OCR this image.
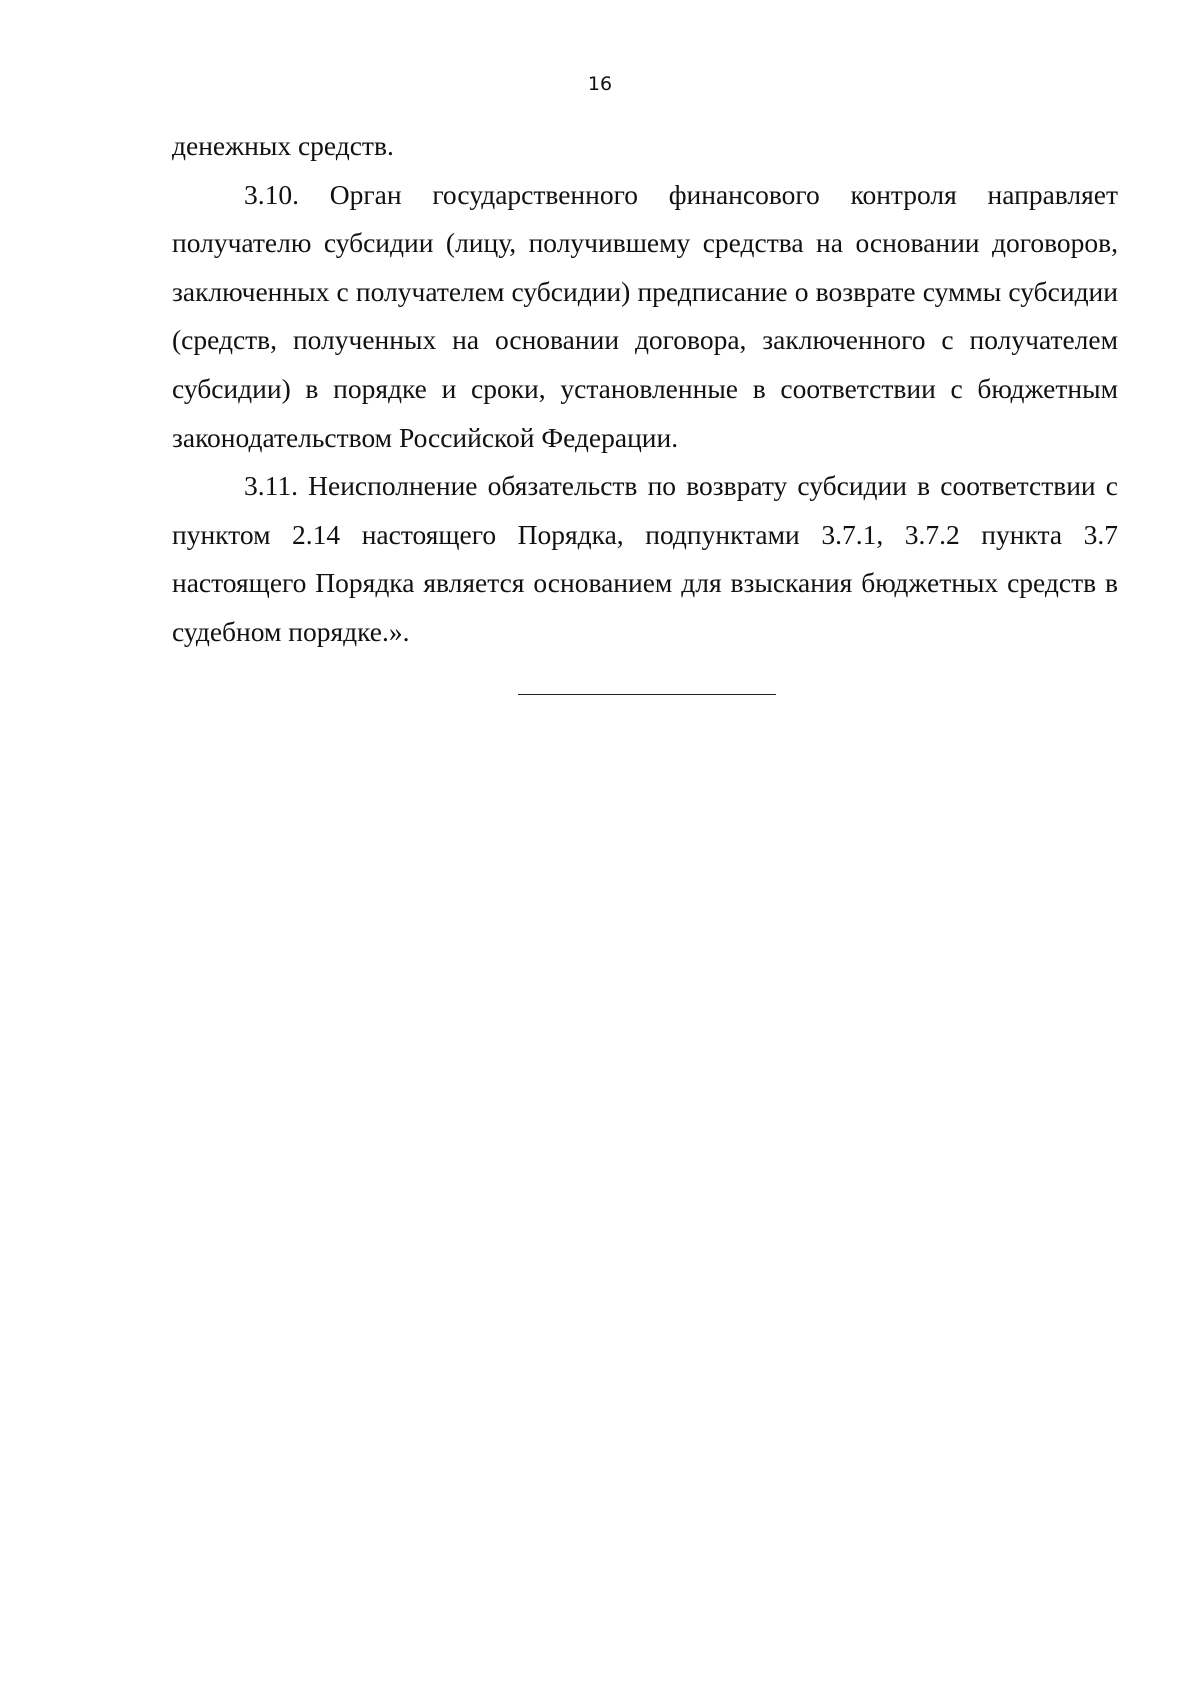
16

денежных средств.

3.10. Орган государственного финансового контроля направляет получателю субсидии (лицу, получившему средства на основании договоров, заключенных с получателем субсидии) предписание о возврате суммы субсидии (средств, полученных на основании договора, заключенного с получателем субсидии) в порядке и сроки, установленные в соответствии с бюджетным законодательством Российской Федерации.

3.11. Неисполнение обязательств по возврату субсидии в соответствии с пунктом 2.14 настоящего Порядка, подпунктами 3.7.1, 3.7.2 пункта 3.7 настоящего Порядка является основанием для взыскания бюджетных средств в судебном порядке.».
